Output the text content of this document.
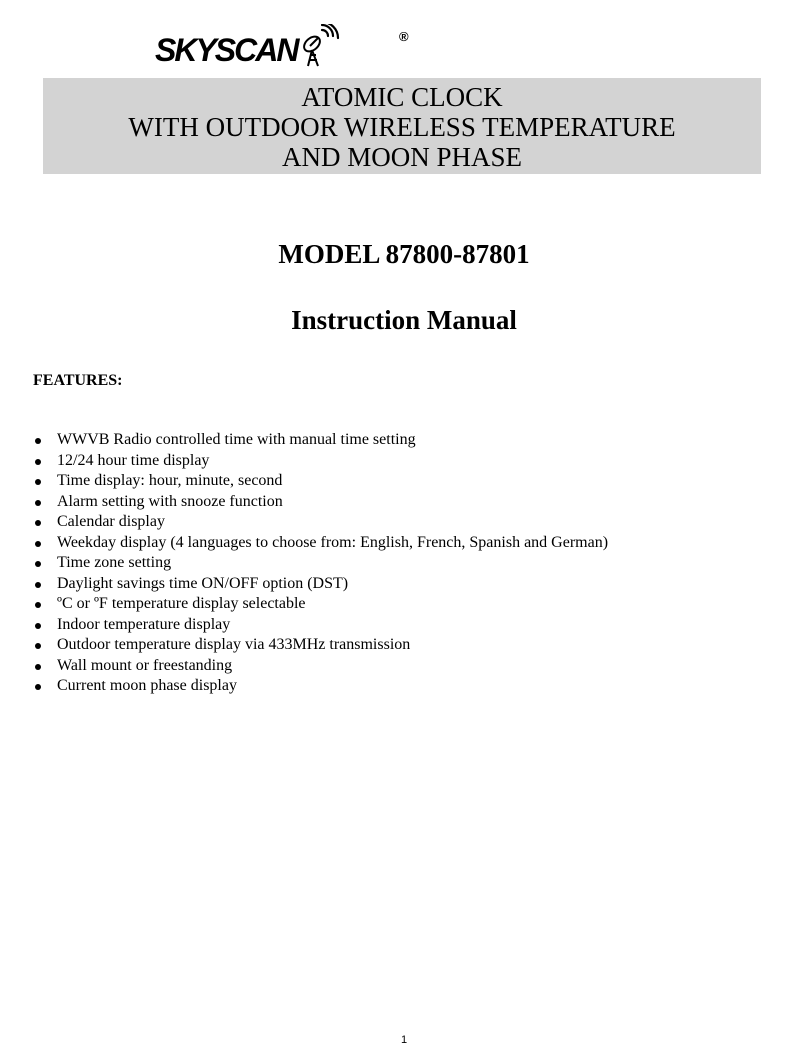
SKYSCAN	®
ATOMIC CLOCK
WITH OUTDOOR WIRELESS TEMPERATURE
AND MOON PHASE
MODEL 87800-87801
Instruction Manual
FEATURES:
WWVB Radio controlled time with manual time setting
12/24 hour time display
Time display: hour, minute, second
Alarm setting with snooze function
Calendar display
Weekday display (4 languages to choose from: English, French, Spanish and German)
Time zone setting
Daylight savings time ON/OFF option (DST)
ºC or ºF temperature display selectable
Indoor temperature display
Outdoor temperature display via 433MHz transmission
Wall mount or freestanding
Current moon phase display
1
